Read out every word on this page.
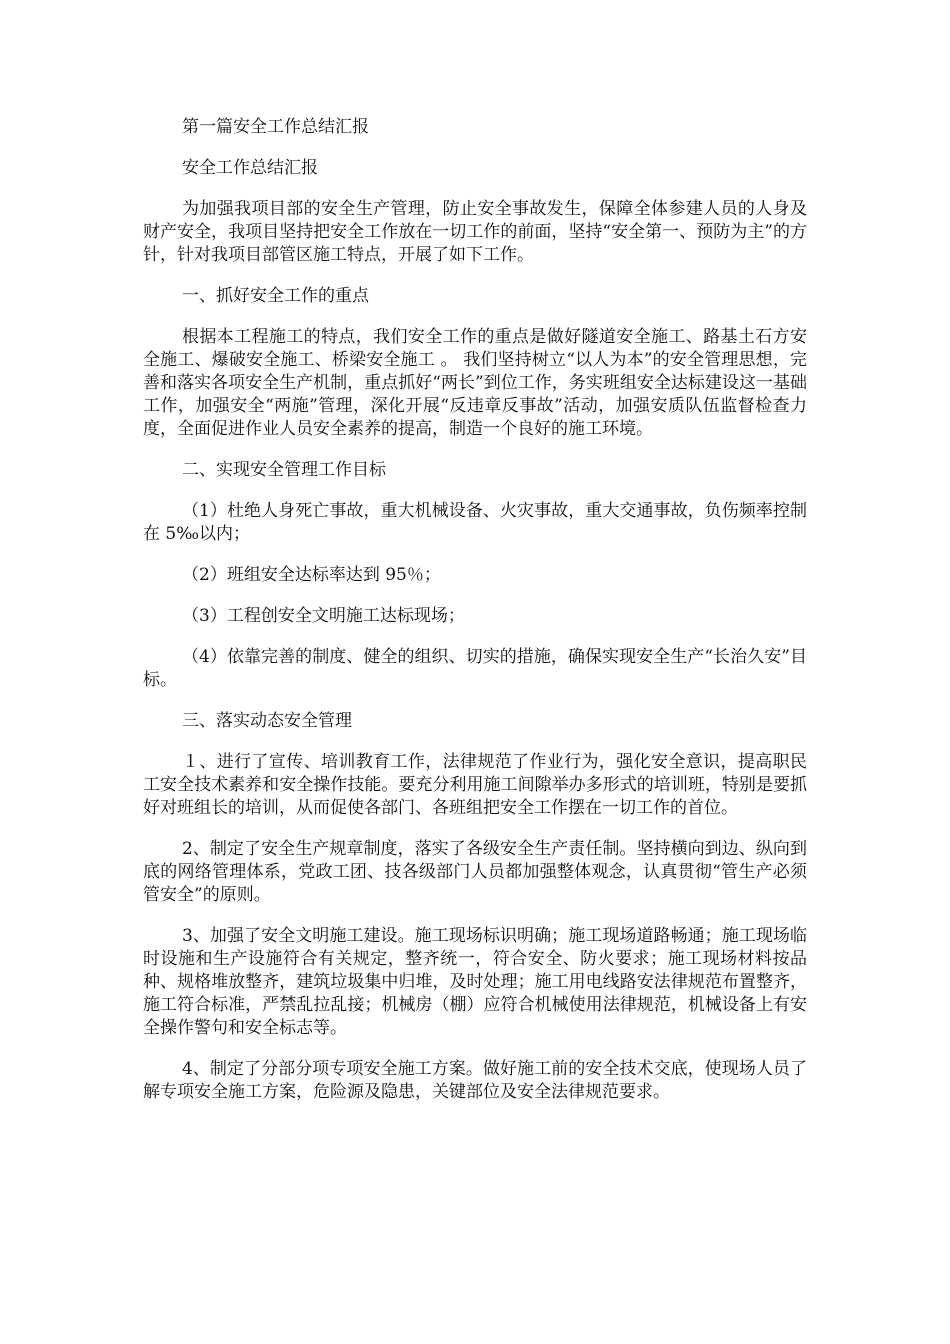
第一篇安全工作总结汇报

安全工作总结汇报

为加强我项目部的安全生产管理，防止安全事故发生，保障全体参建人员的人身及财产安全，我项目坚持把安全工作放在一切工作的前面，坚持“安全第一、预防为主”的方针，针对我项目部管区施工特点，开展了如下工作。

一、抓好安全工作的重点

根据本工程施工的特点，我们安全工作的重点是做好隧道安全施工、路基土石方安全施工、爆破安全施工、桥梁安全施工 。 我们坚持树立“以人为本”的安全管理思想，完善和落实各项安全生产机制，重点抓好“两长”到位工作，务实班组安全达标建设这一基础工作，加强安全“两施”管理，深化开展“反违章反事故”活动，加强安质队伍监督检查力度，全面促进作业人员安全素养的提高，制造一个良好的施工环境。

二、实现安全管理工作目标

（1）杜绝人身死亡事故，重大机械设备、火灾事故，重大交通事故，负伤频率控制在 5‰以内；

（2）班组安全达标率达到 95％；

（3）工程创安全文明施工达标现场；

（4）依靠完善的制度、健全的组织、切实的措施，确保实现安全生产“长治久安”目标。

三、落实动态安全管理

１、进行了宣传、培训教育工作，法律规范了作业行为，强化安全意识，提高职民工安全技术素养和安全操作技能。要充分利用施工间隙举办多形式的培训班，特别是要抓好对班组长的培训，从而促使各部门、各班组把安全工作摆在一切工作的首位。

2、制定了安全生产规章制度，落实了各级安全生产责任制。坚持横向到边、纵向到底的网络管理体系，党政工团、技各级部门人员都加强整体观念，认真贯彻“管生产必须管安全”的原则。

3、加强了安全文明施工建设。施工现场标识明确；施工现场道路畅通；施工现场临时设施和生产设施符合有关规定，整齐统一，符合安全、防火要求；施工现场材料按品种、规格堆放整齐，建筑垃圾集中归堆，及时处理；施工用电线路安法律规范布置整齐，施工符合标准，严禁乱拉乱接；机械房（棚）应符合机械使用法律规范，机械设备上有安全操作警句和安全标志等。

4、制定了分部分项专项安全施工方案。做好施工前的安全技术交底，使现场人员了解专项安全施工方案，危险源及隐患，关键部位及安全法律规范要求。
